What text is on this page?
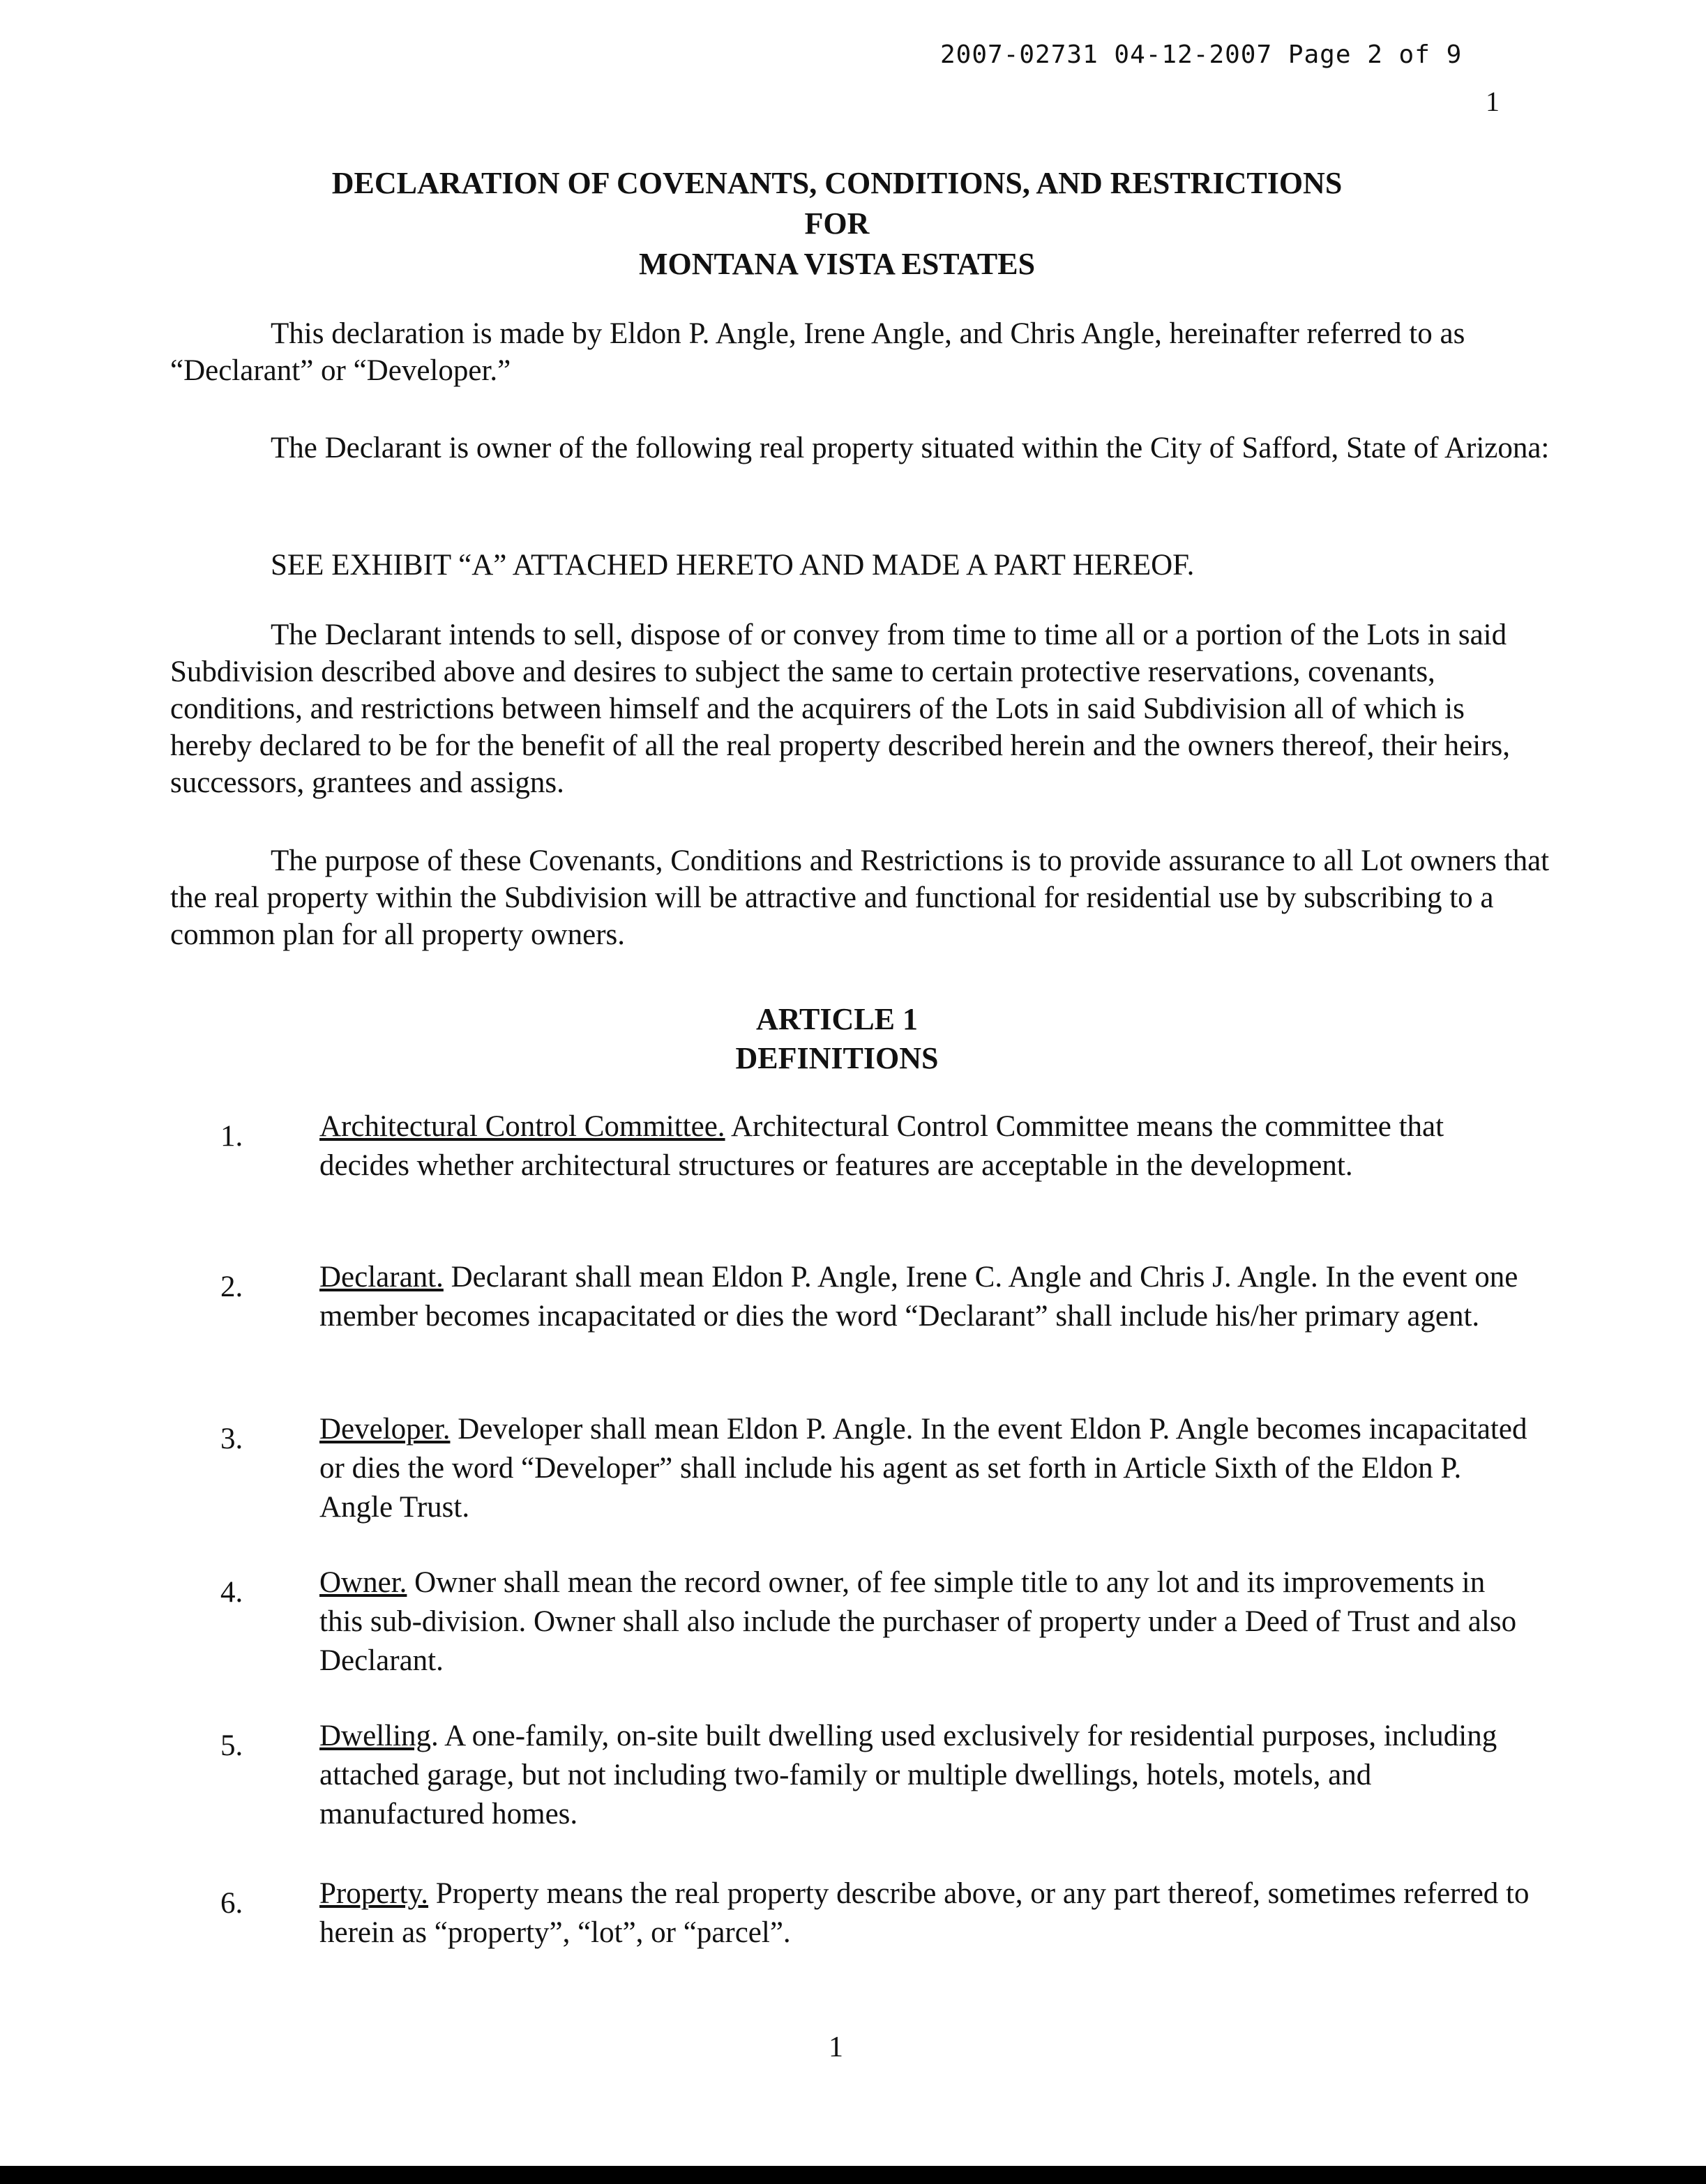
2007-02731 04-12-2007 Page 2 of 9
1
DECLARATION OF COVENANTS, CONDITIONS, AND RESTRICTIONS
FOR
MONTANA VISTA ESTATES

This declaration is made by Eldon P. Angle, Irene Angle, and Chris Angle, hereinafter referred to as “Declarant” or “Developer.”

The Declarant is owner of the following real property situated within the City of Safford, State of Arizona:

SEE EXHIBIT “A” ATTACHED HERETO AND MADE A PART HEREOF.

The Declarant intends to sell, dispose of or convey from time to time all or a portion of the Lots in said Subdivision described above and desires to subject the same to certain protective reservations, covenants, conditions, and restrictions between himself and the acquirers of the Lots in said Subdivision all of which is hereby declared to be for the benefit of all the real property described herein and the owners thereof, their heirs, successors, grantees and assigns.

The purpose of these Covenants, Conditions and Restrictions is to provide assurance to all Lot owners that the real property within the Subdivision will be attractive and functional for residential use by subscribing to a common plan for all property owners.

ARTICLE 1
DEFINITIONS
1.	Architectural Control Committee. Architectural Control Committee means the committee that decides whether architectural structures or features are acceptable in the development.
2.	Declarant. Declarant shall mean Eldon P. Angle, Irene C. Angle and Chris J. Angle. In the event one member becomes incapacitated or dies the word “Declarant” shall include his/her primary agent.
3.	Developer. Developer shall mean Eldon P. Angle. In the event Eldon P. Angle becomes incapacitated or dies the word “Developer” shall include his agent as set forth in Article Sixth of the Eldon P. Angle Trust.
4.	Owner. Owner shall mean the record owner, of fee simple title to any lot and its improvements in this sub-division. Owner shall also include the purchaser of property under a Deed of Trust and also Declarant.
5.	Dwelling. A one-family, on-site built dwelling used exclusively for residential purposes, including attached garage, but not including two-family or multiple dwellings, hotels, motels, and manufactured homes.
6.	Property. Property means the real property describe above, or any part thereof, sometimes referred to herein as “property”, “lot”, or “parcel”.
1
